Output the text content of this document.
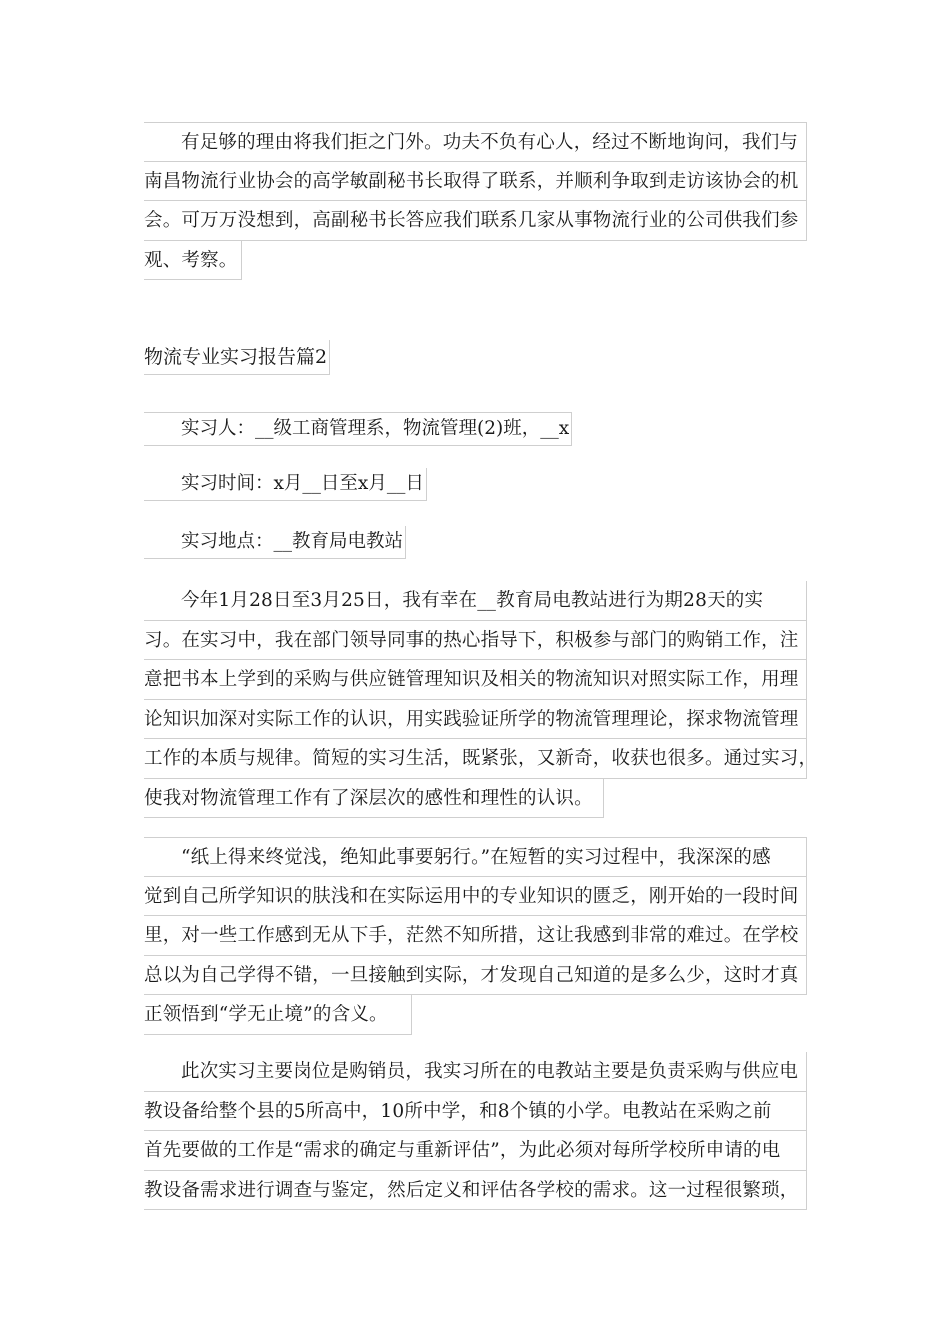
有足够的理由将我们拒之门外。功夫不负有心人，经过不断地询问，我们与
南昌物流行业协会的高学敏副秘书长取得了联系，并顺利争取到走访该协会的机
会。可万万没想到，高副秘书长答应我们联系几家从事物流行业的公司供我们参
观、考察。
物流专业实习报告篇2
实习人：__级工商管理系，物流管理(2)班，__x
实习时间：x月__日至x月__日
实习地点：__教育局电教站
今年1月28日至3月25日，我有幸在__教育局电教站进行为期28天的实
习。在实习中，我在部门领导同事的热心指导下，积极参与部门的购销工作，注
意把书本上学到的采购与供应链管理知识及相关的物流知识对照实际工作，用理
论知识加深对实际工作的认识，用实践验证所学的物流管理理论，探求物流管理
工作的本质与规律。简短的实习生活，既紧张，又新奇，收获也很多。通过实习，
使我对物流管理工作有了深层次的感性和理性的认识。
“纸上得来终觉浅，绝知此事要躬行。”在短暂的实习过程中，我深深的感
觉到自己所学知识的肤浅和在实际运用中的专业知识的匮乏，刚开始的一段时间
里，对一些工作感到无从下手，茫然不知所措，这让我感到非常的难过。在学校
总以为自己学得不错，一旦接触到实际，才发现自己知道的是多么少，这时才真
正领悟到“学无止境”的含义。
此次实习主要岗位是购销员，我实习所在的电教站主要是负责采购与供应电
教设备给整个县的5所高中，10所中学，和8个镇的小学。电教站在采购之前
首先要做的工作是“需求的确定与重新评估”，为此必须对每所学校所申请的电
教设备需求进行调查与鉴定，然后定义和评估各学校的需求。这一过程很繁琐，
